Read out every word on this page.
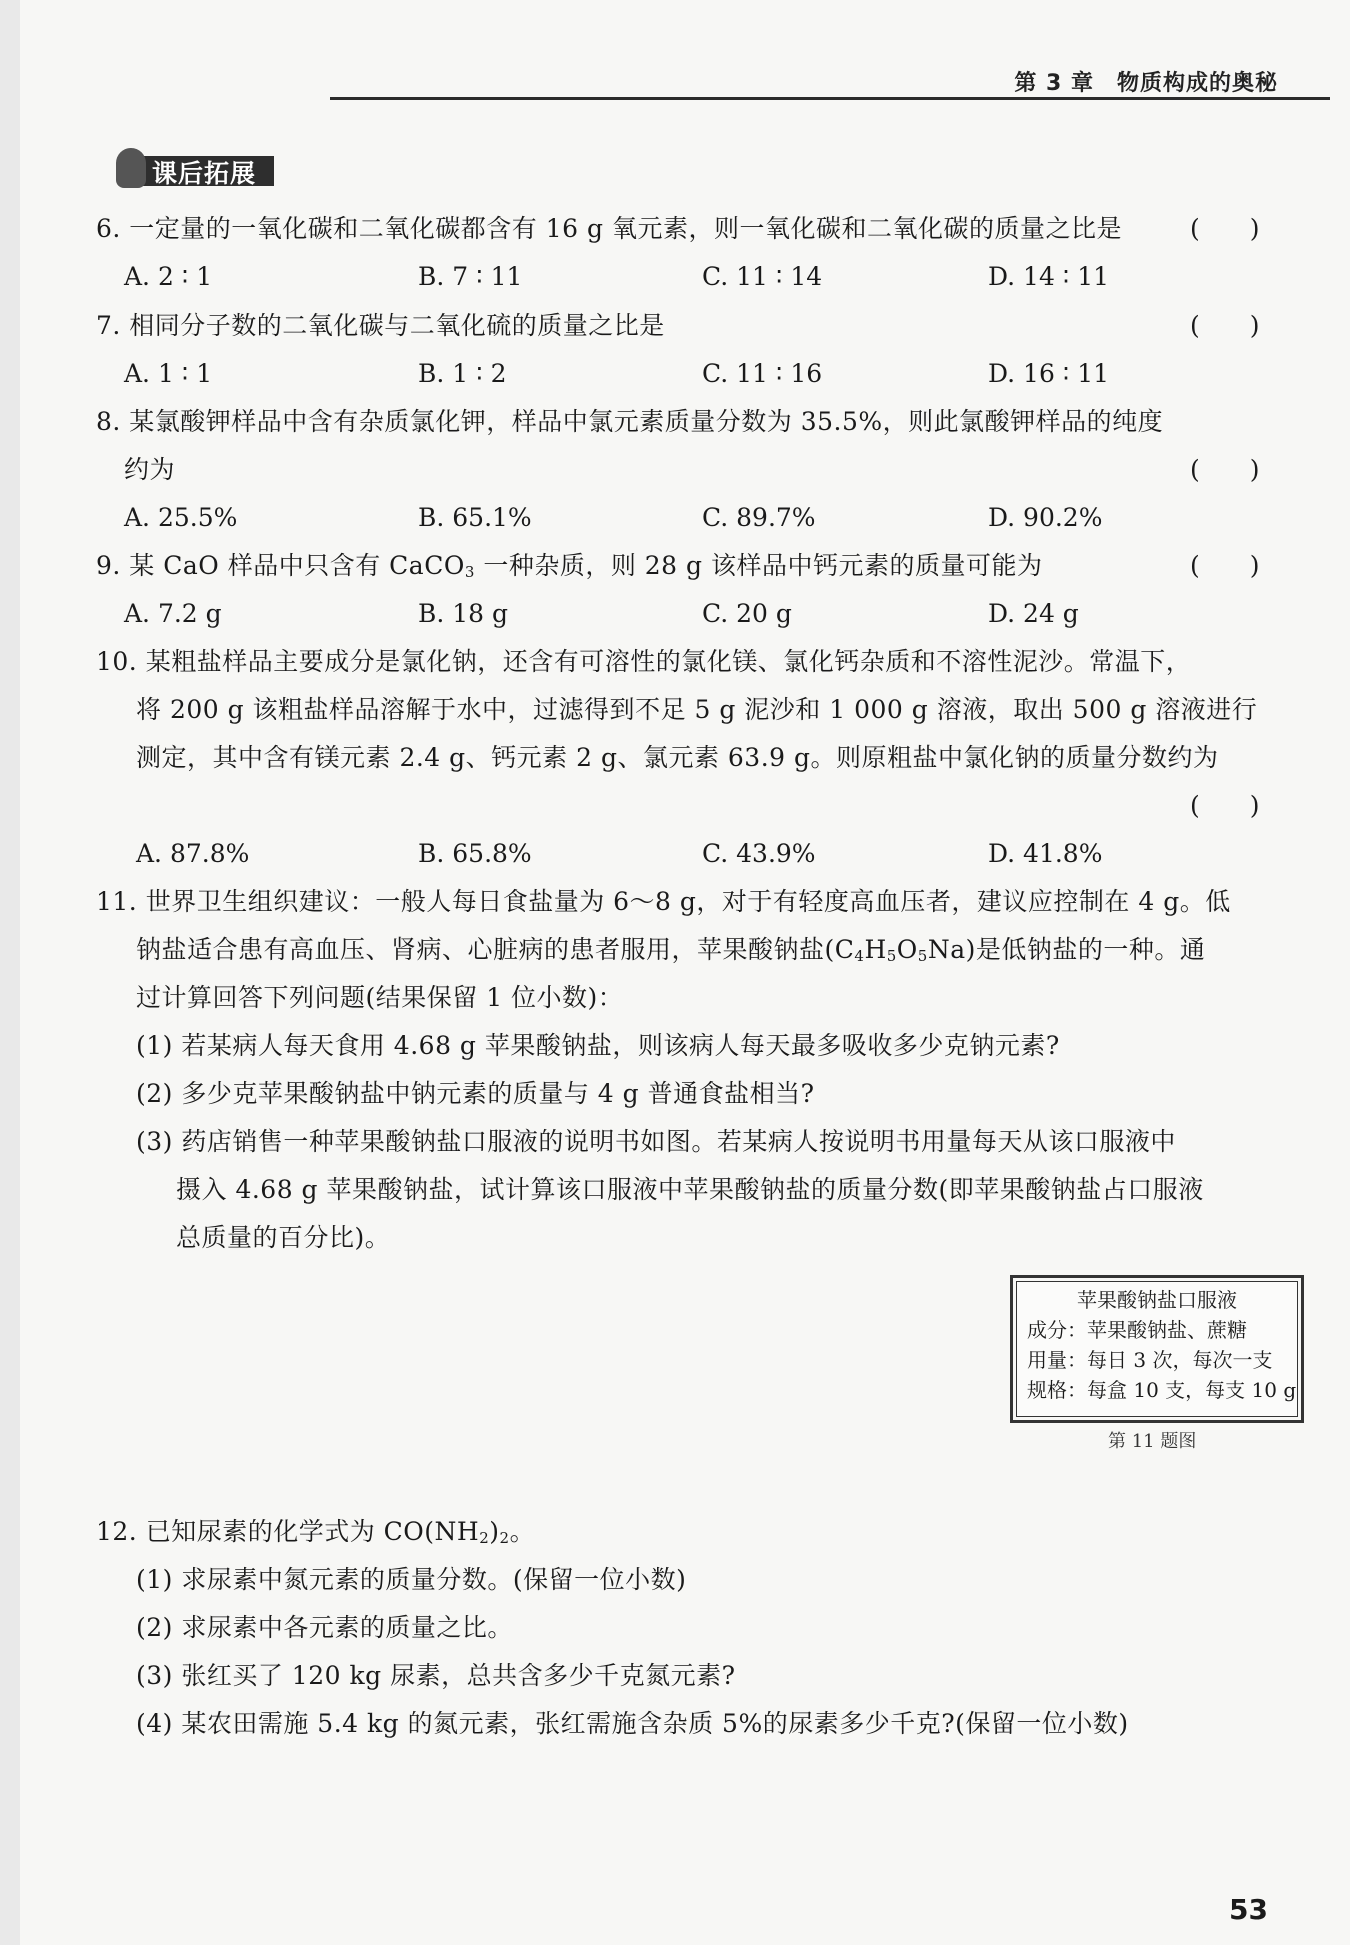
第 3 章　物质构成的奥秘
课后拓展
6. 一定量的一氧化碳和二氧化碳都含有 16 g 氧元素，则一氧化碳和二氧化碳的质量之比是	(　　)
A. 2 ∶ 1	B. 7 ∶ 11	C. 11 ∶ 14	D. 14 ∶ 11
7. 相同分子数的二氧化碳与二氧化硫的质量之比是	(　　)
A. 1 ∶ 1	B. 1 ∶ 2	C. 11 ∶ 16	D. 16 ∶ 11
8. 某氯酸钾样品中含有杂质氯化钾，样品中氯元素质量分数为 35.5%，则此氯酸钾样品的纯度
约为	(　　)
A. 25.5%	B. 65.1%	C. 89.7%	D. 90.2%
9. 某 CaO 样品中只含有 CaCO$_3$ 一种杂质，则 28 g 该样品中钙元素的质量可能为	(　　)
A. 7.2 g	B. 18 g	C. 20 g	D. 24 g
10. 某粗盐样品主要成分是氯化钠，还含有可溶性的氯化镁、氯化钙杂质和不溶性泥沙。常温下，
将 200 g 该粗盐样品溶解于水中，过滤得到不足 5 g 泥沙和 1 000 g 溶液，取出 500 g 溶液进行
测定，其中含有镁元素 2.4 g、钙元素 2 g、氯元素 63.9 g。则原粗盐中氯化钠的质量分数约为
(　　)
A. 87.8%	B. 65.8%	C. 43.9%	D. 41.8%
11. 世界卫生组织建议：一般人每日食盐量为 6～8 g，对于有轻度高血压者，建议应控制在 4 g。低
钠盐适合患有高血压、肾病、心脏病的患者服用，苹果酸钠盐$(C_4H_5O_5Na)$是低钠盐的一种。通
过计算回答下列问题(结果保留 1 位小数)：
(1) 若某病人每天食用 4.68 g 苹果酸钠盐，则该病人每天最多吸收多少克钠元素?
(2) 多少克苹果酸钠盐中钠元素的质量与 4 g 普通食盐相当?
(3) 药店销售一种苹果酸钠盐口服液的说明书如图。若某病人按说明书用量每天从该口服液中
摄入 4.68 g 苹果酸钠盐，试计算该口服液中苹果酸钠盐的质量分数(即苹果酸钠盐占口服液
总质量的百分比)。
苹果酸钠盐口服液
成分：苹果酸钠盐、蔗糖
用量：每日 3 次，每次一支
规格：每盒 10 支，每支 10 g
第 11 题图
12. 已知尿素的化学式为 $CO(NH_2)_2$。
(1) 求尿素中氮元素的质量分数。(保留一位小数)
(2) 求尿素中各元素的质量之比。
(3) 张红买了 120 kg 尿素，总共含多少千克氮元素?
(4) 某农田需施 5.4 kg 的氮元素，张红需施含杂质 5%的尿素多少千克?(保留一位小数)
53
